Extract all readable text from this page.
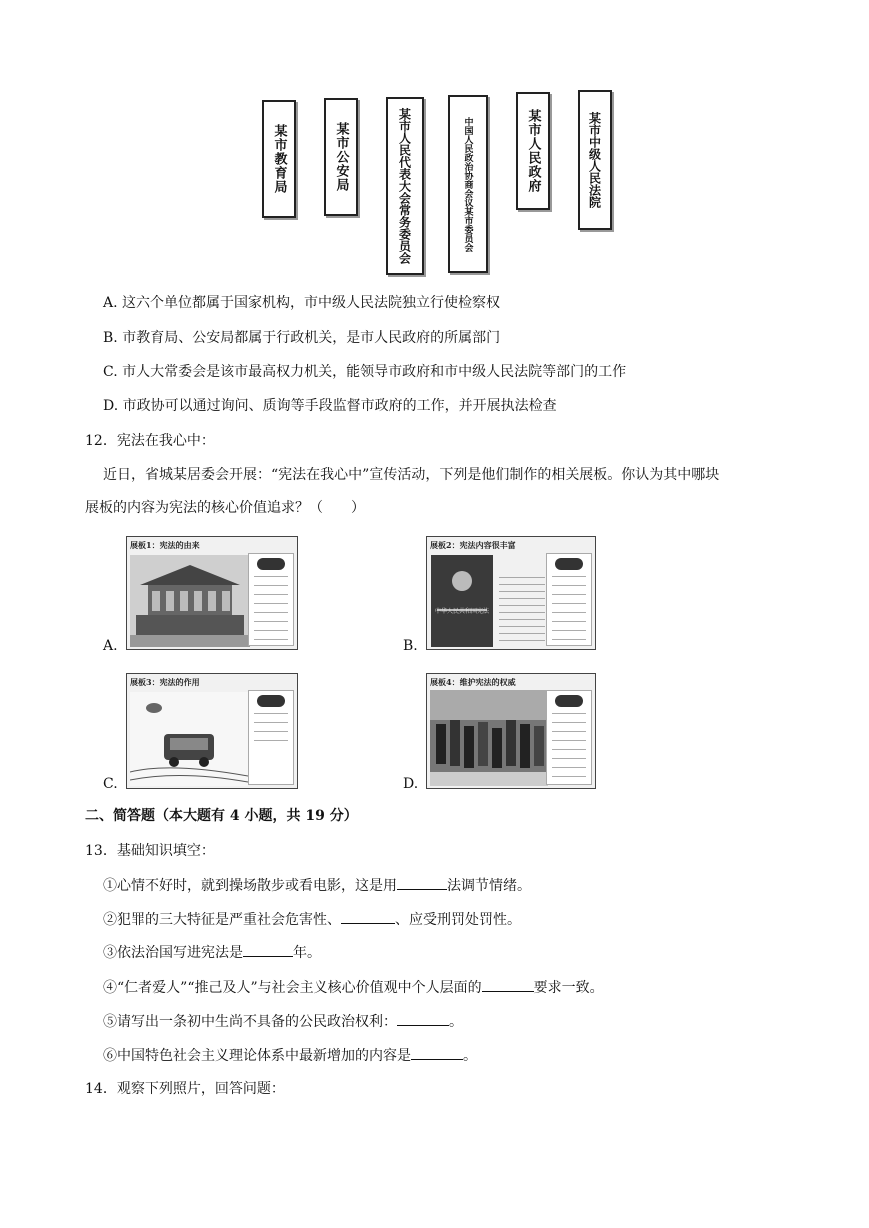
某市教育局	某市公安局	某市人民代表大会常务委员会	中国人民政治协商会议某市委员会	某市人民政府	某市中级人民法院
A. 这六个单位都属于国家机构，市中级人民法院独立行使检察权
B. 市教育局、公安局都属于行政机关，是市人民政府的所属部门
C. 市人大常委会是该市最高权力机关，能领导市政府和市中级人民法院等部门的工作
D. 市政协可以通过询问、质询等手段监督市政府的工作，并开展执法检查
12．宪法在我心中：
近日，省城某居委会开展：“宪法在我心中”宣传活动，下列是他们制作的相关展板。你认为其中哪块
展板的内容为宪法的核心价值追求？（　　）
A.
展板1：宪法的由来
B.
展板2：宪法内容很丰富
中华人民共和国宪法
C.
展板3：宪法的作用
D.
展板4：维护宪法的权威
二、简答题（本大题有 4 小题，共 19 分）
13．基础知识填空：
①心情不好时，就到操场散步或看电影，这是用	法调节情绪。
②犯罪的三大特征是严重社会危害性、	、应受刑罚处罚性。
③依法治国写进宪法是	年。
④“仁者爱人”“推己及人”与社会主义核心价值观中个人层面的	要求一致。
⑤请写出一条初中生尚不具备的公民政治权利：	。
⑥中国特色社会主义理论体系中最新增加的内容是	。
14．观察下列照片，回答问题：
